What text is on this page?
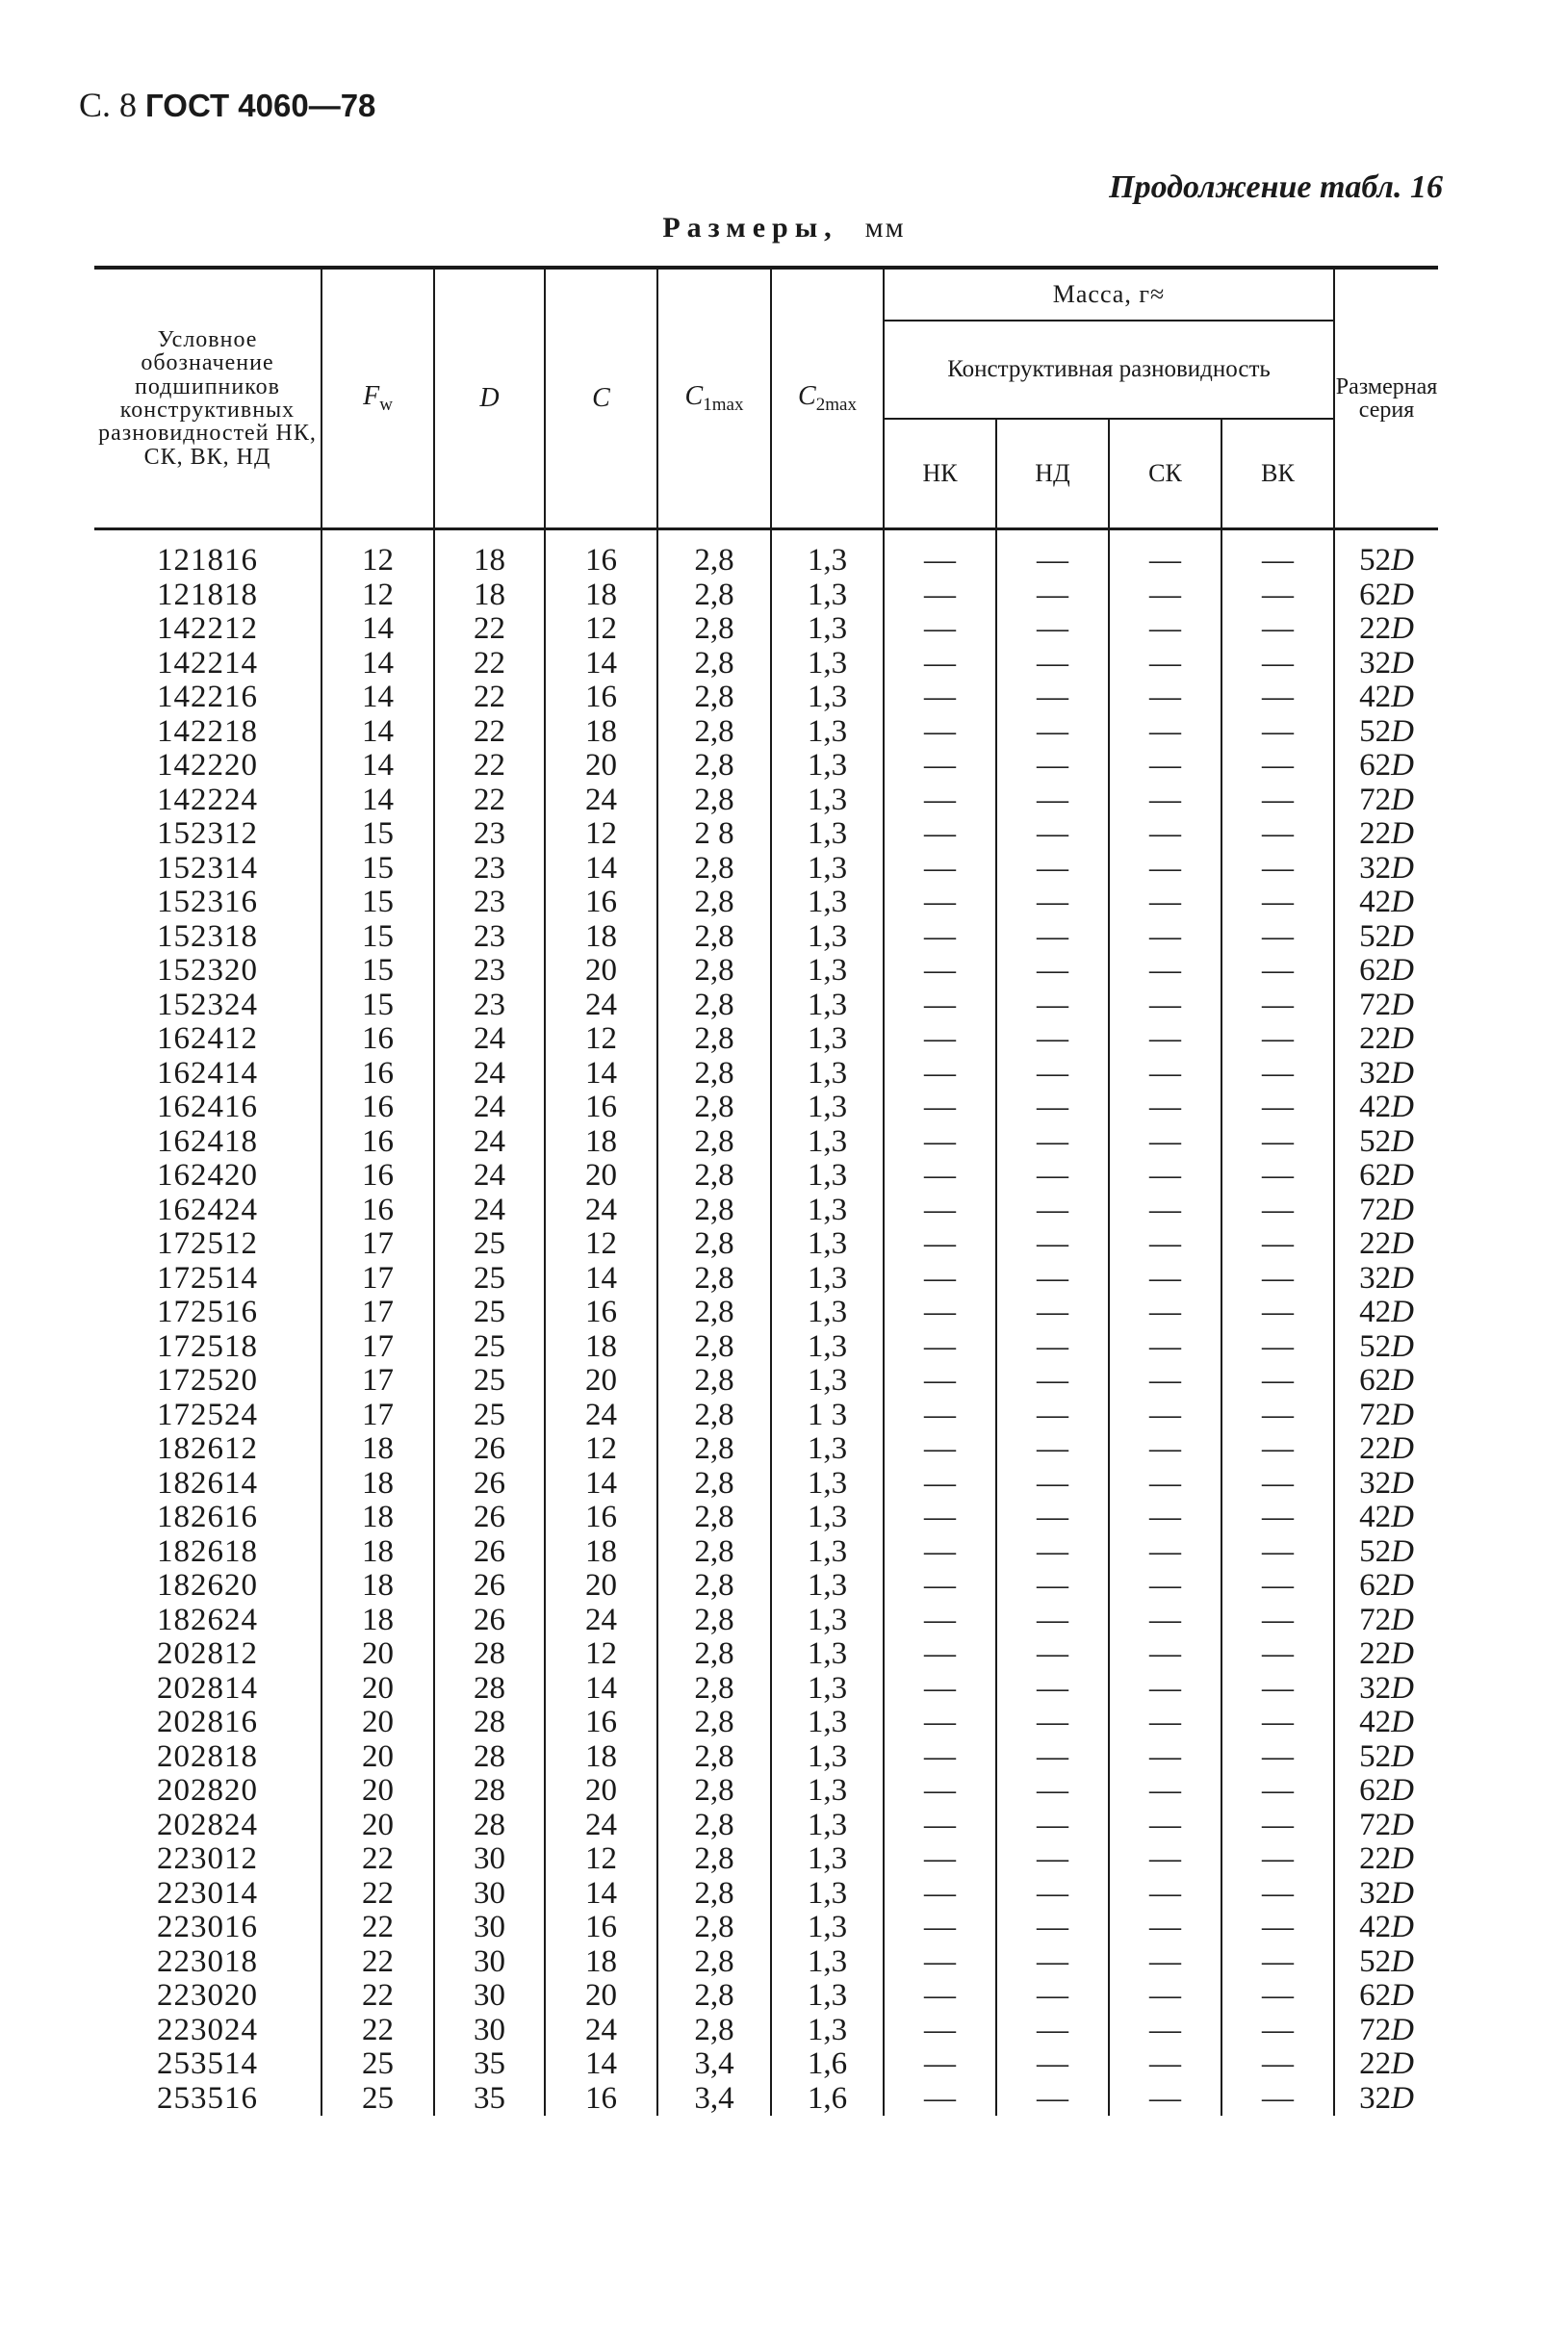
С. 8 ГОСТ 4060—78
Продолжение табл. 16
Размеры, мм
Условное обозначение подшипников конструктивных разновидностей НК, СК, ВК, НД	$F_w$	D	C	$C_{1max}$	$C_{2max}$	Масса, г≈				Размерная серия
						Конструктивная разновидность				
						НК	НД	СК	ВК	
121816	12	18	16	2,8	1,3	—	—	—	—	52D
121818	12	18	18	2,8	1,3	—	—	—	—	62D
142212	14	22	12	2,8	1,3	—	—	—	—	22D
142214	14	22	14	2,8	1,3	—	—	—	—	32D
142216	14	22	16	2,8	1,3	—	—	—	—	42D
142218	14	22	18	2,8	1,3	—	—	—	—	52D
142220	14	22	20	2,8	1,3	—	—	—	—	62D
142224	14	22	24	2,8	1,3	—	—	—	—	72D
152312	15	23	12	2 8	1,3	—	—	—	—	22D
152314	15	23	14	2,8	1,3	—	—	—	—	32D
152316	15	23	16	2,8	1,3	—	—	—	—	42D
152318	15	23	18	2,8	1,3	—	—	—	—	52D
152320	15	23	20	2,8	1,3	—	—	—	—	62D
152324	15	23	24	2,8	1,3	—	—	—	—	72D
162412	16	24	12	2,8	1,3	—	—	—	—	22D
162414	16	24	14	2,8	1,3	—	—	—	—	32D
162416	16	24	16	2,8	1,3	—	—	—	—	42D
162418	16	24	18	2,8	1,3	—	—	—	—	52D
162420	16	24	20	2,8	1,3	—	—	—	—	62D
162424	16	24	24	2,8	1,3	—	—	—	—	72D
172512	17	25	12	2,8	1,3	—	—	—	—	22D
172514	17	25	14	2,8	1,3	—	—	—	—	32D
172516	17	25	16	2,8	1,3	—	—	—	—	42D
172518	17	25	18	2,8	1,3	—	—	—	—	52D
172520	17	25	20	2,8	1,3	—	—	—	—	62D
172524	17	25	24	2,8	1 3	—	—	—	—	72D
182612	18	26	12	2,8	1,3	—	—	—	—	22D
182614	18	26	14	2,8	1,3	—	—	—	—	32D
182616	18	26	16	2,8	1,3	—	—	—	—	42D
182618	18	26	18	2,8	1,3	—	—	—	—	52D
182620	18	26	20	2,8	1,3	—	—	—	—	62D
182624	18	26	24	2,8	1,3	—	—	—	—	72D
202812	20	28	12	2,8	1,3	—	—	—	—	22D
202814	20	28	14	2,8	1,3	—	—	—	—	32D
202816	20	28	16	2,8	1,3	—	—	—	—	42D
202818	20	28	18	2,8	1,3	—	—	—	—	52D
202820	20	28	20	2,8	1,3	—	—	—	—	62D
202824	20	28	24	2,8	1,3	—	—	—	—	72D
223012	22	30	12	2,8	1,3	—	—	—	—	22D
223014	22	30	14	2,8	1,3	—	—	—	—	32D
223016	22	30	16	2,8	1,3	—	—	—	—	42D
223018	22	30	18	2,8	1,3	—	—	—	—	52D
223020	22	30	20	2,8	1,3	—	—	—	—	62D
223024	22	30	24	2,8	1,3	—	—	—	—	72D
253514	25	35	14	3,4	1,6	—	—	—	—	22D
253516	25	35	16	3,4	1,6	—	—	—	—	32D
